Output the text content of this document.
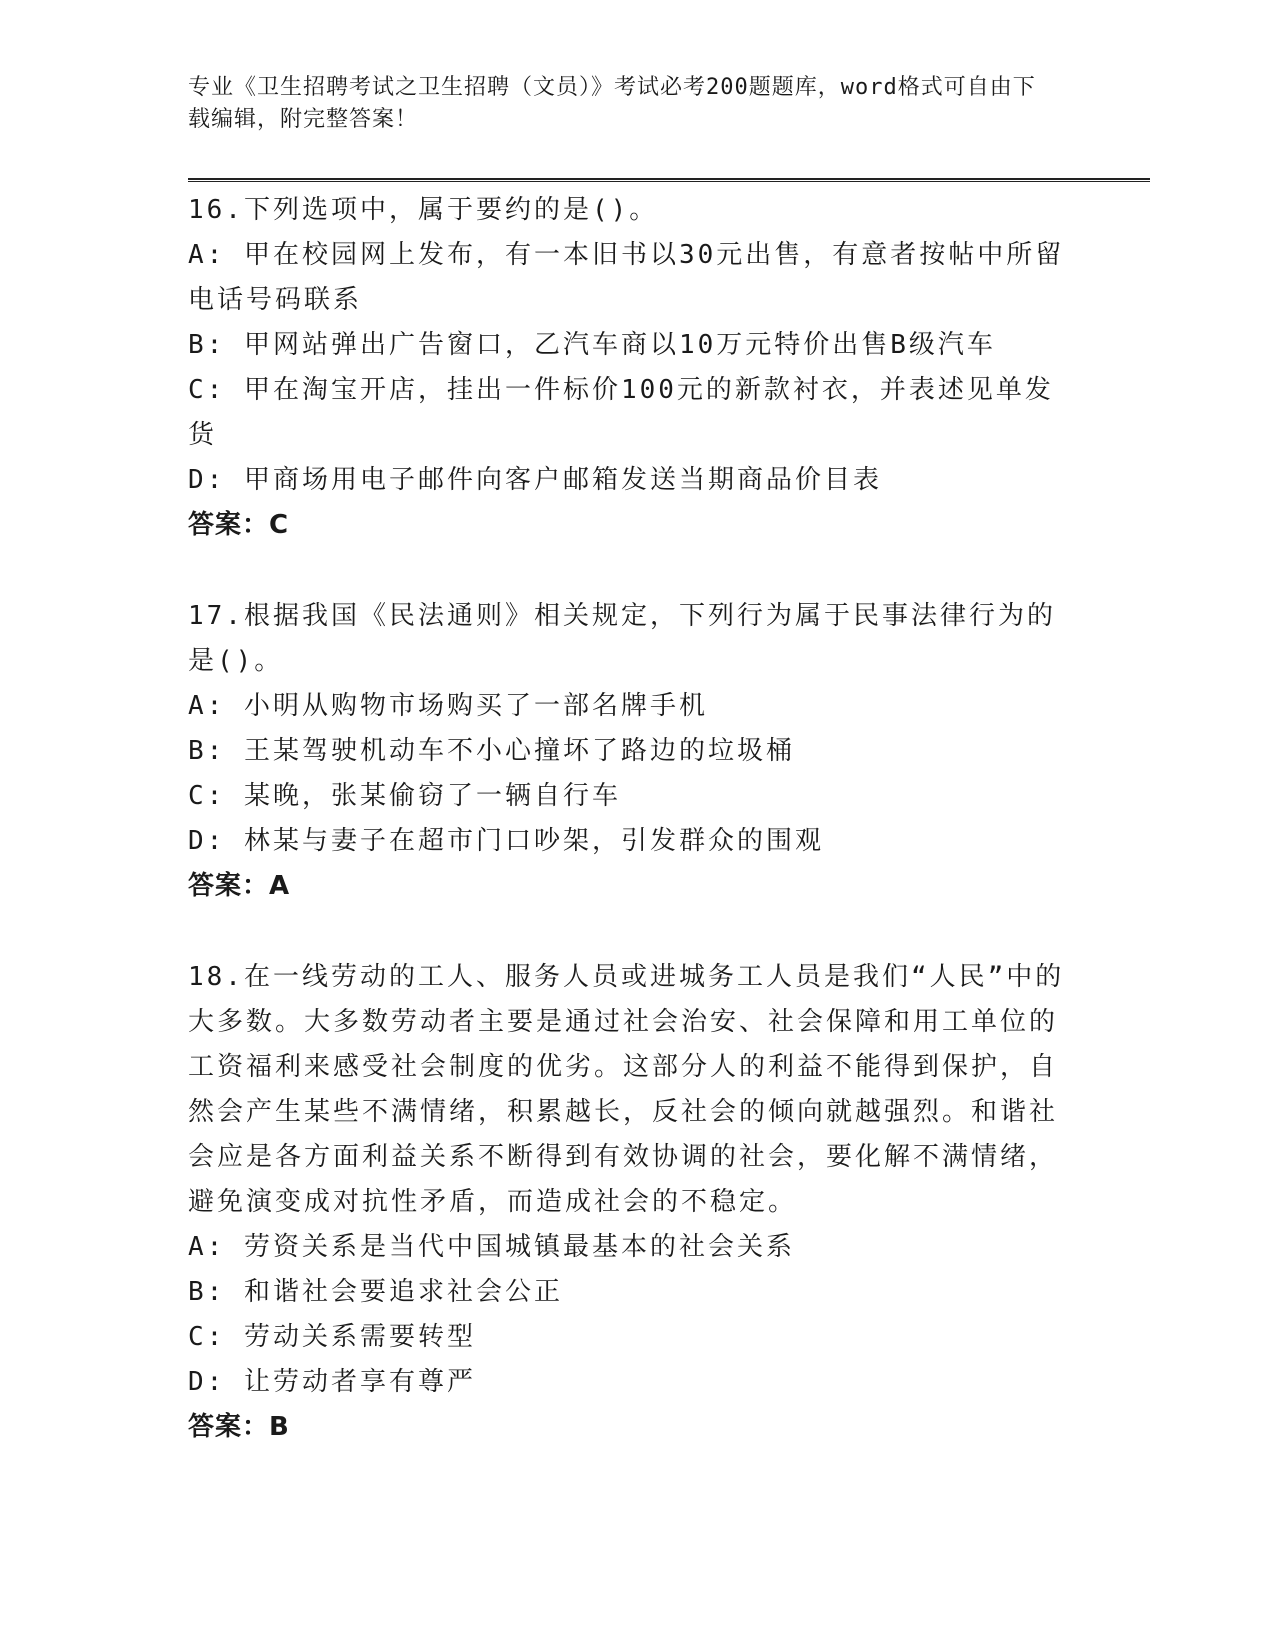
专业《卫生招聘考试之卫生招聘（文员）》考试必考200题题库，word格式可自由下载编辑，附完整答案！

16.下列选项中，属于要约的是()。

A: 甲在校园网上发布，有一本旧书以30元出售，有意者按帖中所留电话号码联系

B: 甲网站弹出广告窗口，乙汽车商以10万元特价出售B级汽车

C: 甲在淘宝开店，挂出一件标价100元的新款衬衣，并表述见单发货

D: 甲商场用电子邮件向客户邮箱发送当期商品价目表

答案：C

17.根据我国《民法通则》相关规定，下列行为属于民事法律行为的是()。

A: 小明从购物市场购买了一部名牌手机

B: 王某驾驶机动车不小心撞坏了路边的垃圾桶

C: 某晚，张某偷窃了一辆自行车

D: 林某与妻子在超市门口吵架，引发群众的围观

答案：A

18.在一线劳动的工人、服务人员或进城务工人员是我们“人民”中的大多数。大多数劳动者主要是通过社会治安、社会保障和用工单位的工资福利来感受社会制度的优劣。这部分人的利益不能得到保护，自然会产生某些不满情绪，积累越长，反社会的倾向就越强烈。和谐社会应是各方面利益关系不断得到有效协调的社会，要化解不满情绪，避免演变成对抗性矛盾，而造成社会的不稳定。

A: 劳资关系是当代中国城镇最基本的社会关系

B: 和谐社会要追求社会公正

C: 劳动关系需要转型

D: 让劳动者享有尊严

答案：B
